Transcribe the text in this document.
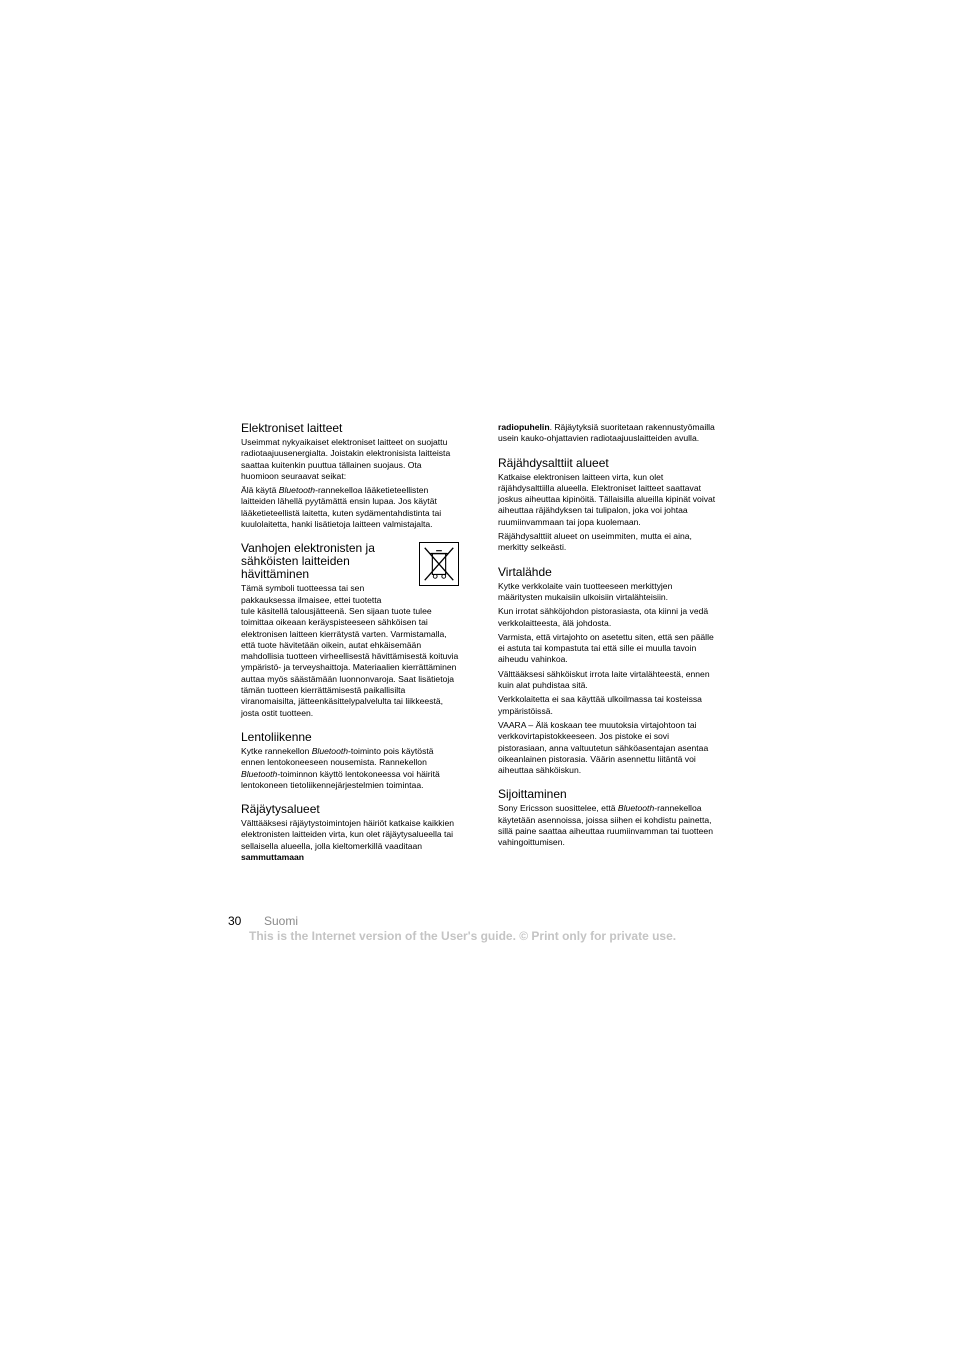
Elektroniset laitteet

Useimmat nykyaikaiset elektroniset laitteet on suojattu radiotaajuusenergialta. Joistakin elektronisista laitteista saattaa kuitenkin puuttua tällainen suojaus. Ota huomioon seuraavat seikat:

Älä käytä Bluetooth-rannekelloa lääketieteellisten laitteiden lähellä pyytämättä ensin lupaa. Jos käytät lääketieteellistä laitetta, kuten sydämentahdistinta tai kuulolaitetta, hanki lisätietoja laitteen valmistajalta.

Vanhojen elektronisten ja sähköisten laitteiden hävittäminen

Tämä symboli tuotteessa tai sen pakkauksessa ilmaisee, ettei tuotetta

tule käsitellä talousjätteenä. Sen sijaan tuote tulee toimittaa oikeaan keräyspisteeseen sähköisen tai elektronisen laitteen kierrätystä varten. Varmistamalla, että tuote hävitetään oikein, autat ehkäisemään mahdollisia tuotteen virheellisestä hävittämisestä koituvia ympäristö- ja terveyshaittoja. Materiaalien kierrättäminen auttaa myös säästämään luonnonvaroja. Saat lisätietoja tämän tuotteen kierrättämisestä paikallisilta viranomaisilta, jätteenkäsittelypalvelulta tai liikkeestä, josta ostit tuotteen.

Lentoliikenne

Kytke rannekellon Bluetooth-toiminto pois käytöstä ennen lentokoneeseen nousemista. Rannekellon Bluetooth-toiminnon käyttö lentokoneessa voi häiritä lentokoneen tietoliikennejärjestelmien toimintaa.

Räjäytysalueet

Välttääksesi räjäytystoimintojen häiriöt katkaise kaikkien elektronisten laitteiden virta, kun olet räjäytysalueella tai sellaisella alueella, jolla kieltomerkillä vaaditaan sammuttamaan

radiopuhelin. Räjäytyksiä suoritetaan rakennustyömailla usein kauko-ohjattavien radiotaajuuslaitteiden avulla.

Räjähdysalttiit alueet

Katkaise elektronisen laitteen virta, kun olet räjähdysalttiilla alueella. Elektroniset laitteet saattavat joskus aiheuttaa kipinöitä. Tällaisilla alueilla kipinät voivat aiheuttaa räjähdyksen tai tulipalon, joka voi johtaa ruumiinvammaan tai jopa kuolemaan.

Räjähdysalttiit alueet on useimmiten, mutta ei aina, merkitty selkeästi.

Virtalähde

Kytke verkkolaite vain tuotteeseen merkittyjen määritysten mukaisiin ulkoisiin virtalähteisiin.

Kun irrotat sähköjohdon pistorasiasta, ota kiinni ja vedä verkkolaitteesta, älä johdosta.

Varmista, että virtajohto on asetettu siten, että sen päälle ei astuta tai kompastuta tai että sille ei muulla tavoin aiheudu vahinkoa.

Välttääksesi sähköiskut irrota laite virtalähteestä, ennen kuin alat puhdistaa sitä.

Verkkolaitetta ei saa käyttää ulkoilmassa tai kosteissa ympäristöissä.

VAARA – Älä koskaan tee muutoksia virtajohtoon tai verkkovirtapistokkeeseen. Jos pistoke ei sovi pistorasiaan, anna valtuutetun sähköasentajan asentaa oikeanlainen pistorasia. Väärin asennettu liitäntä voi aiheuttaa sähköiskun.

Sijoittaminen

Sony Ericsson suosittelee, että Bluetooth-rannekelloa käytetään asennoissa, joissa siihen ei kohdistu painetta, sillä paine saattaa aiheuttaa ruumiinvamman tai tuotteen vahingoittumisen.

30 Suomi
This is the Internet version of the User's guide. © Print only for private use.
